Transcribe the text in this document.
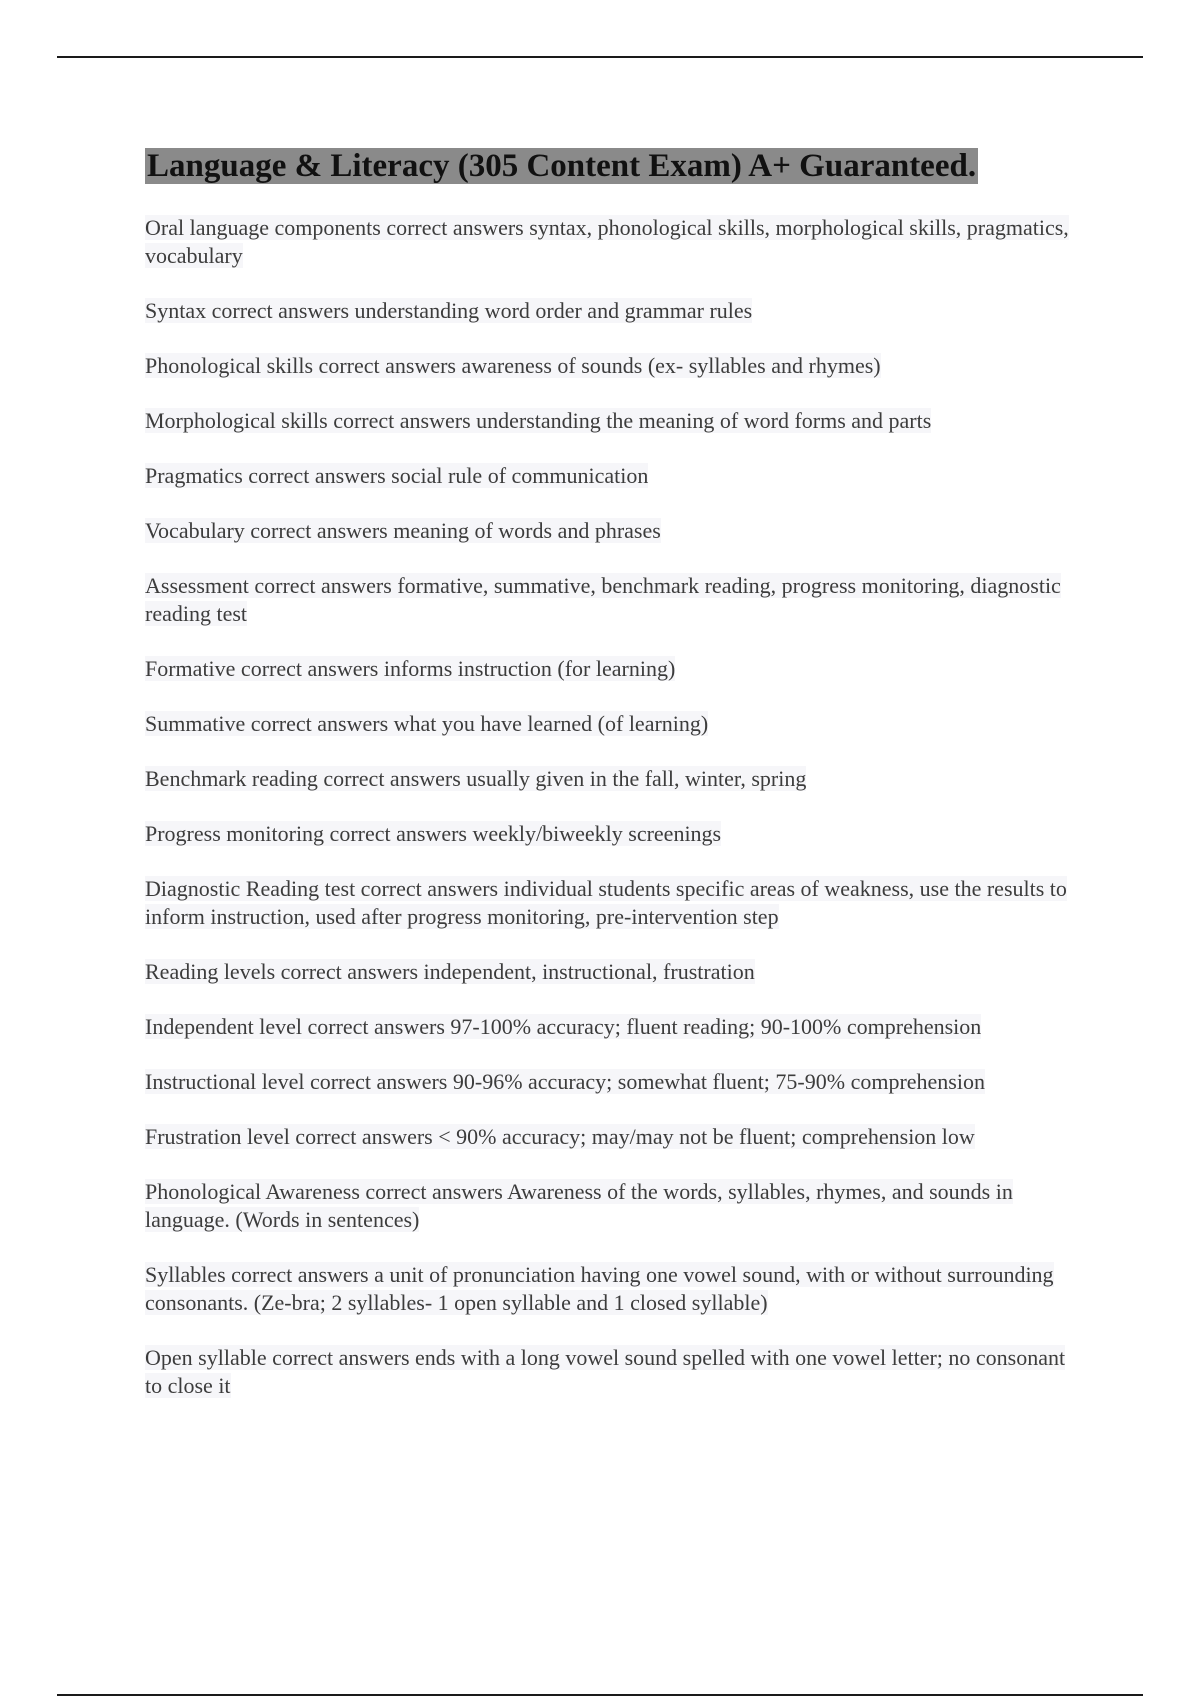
Language & Literacy (305 Content Exam) A+ Guaranteed.
Oral language components correct answers syntax, phonological skills, morphological skills, pragmatics, vocabulary
Syntax correct answers understanding word order and grammar rules
Phonological skills correct answers awareness of sounds (ex- syllables and rhymes)
Morphological skills correct answers understanding the meaning of word forms and parts
Pragmatics correct answers social rule of communication
Vocabulary correct answers meaning of words and phrases
Assessment correct answers formative, summative, benchmark reading, progress monitoring, diagnostic reading test
Formative correct answers informs instruction (for learning)
Summative correct answers what you have learned (of learning)
Benchmark reading correct answers usually given in the fall, winter, spring
Progress monitoring correct answers weekly/biweekly screenings
Diagnostic Reading test correct answers individual students specific areas of weakness, use the results to inform instruction, used after progress monitoring, pre-intervention step
Reading levels correct answers independent, instructional, frustration
Independent level correct answers 97-100% accuracy; fluent reading; 90-100% comprehension
Instructional level correct answers 90-96% accuracy; somewhat fluent; 75-90% comprehension
Frustration level correct answers < 90% accuracy; may/may not be fluent; comprehension low
Phonological Awareness correct answers Awareness of the words, syllables, rhymes, and sounds in language. (Words in sentences)
Syllables correct answers a unit of pronunciation having one vowel sound, with or without surrounding consonants. (Ze-bra; 2 syllables- 1 open syllable and 1 closed syllable)
Open syllable correct answers ends with a long vowel sound spelled with one vowel letter; no consonant to close it
